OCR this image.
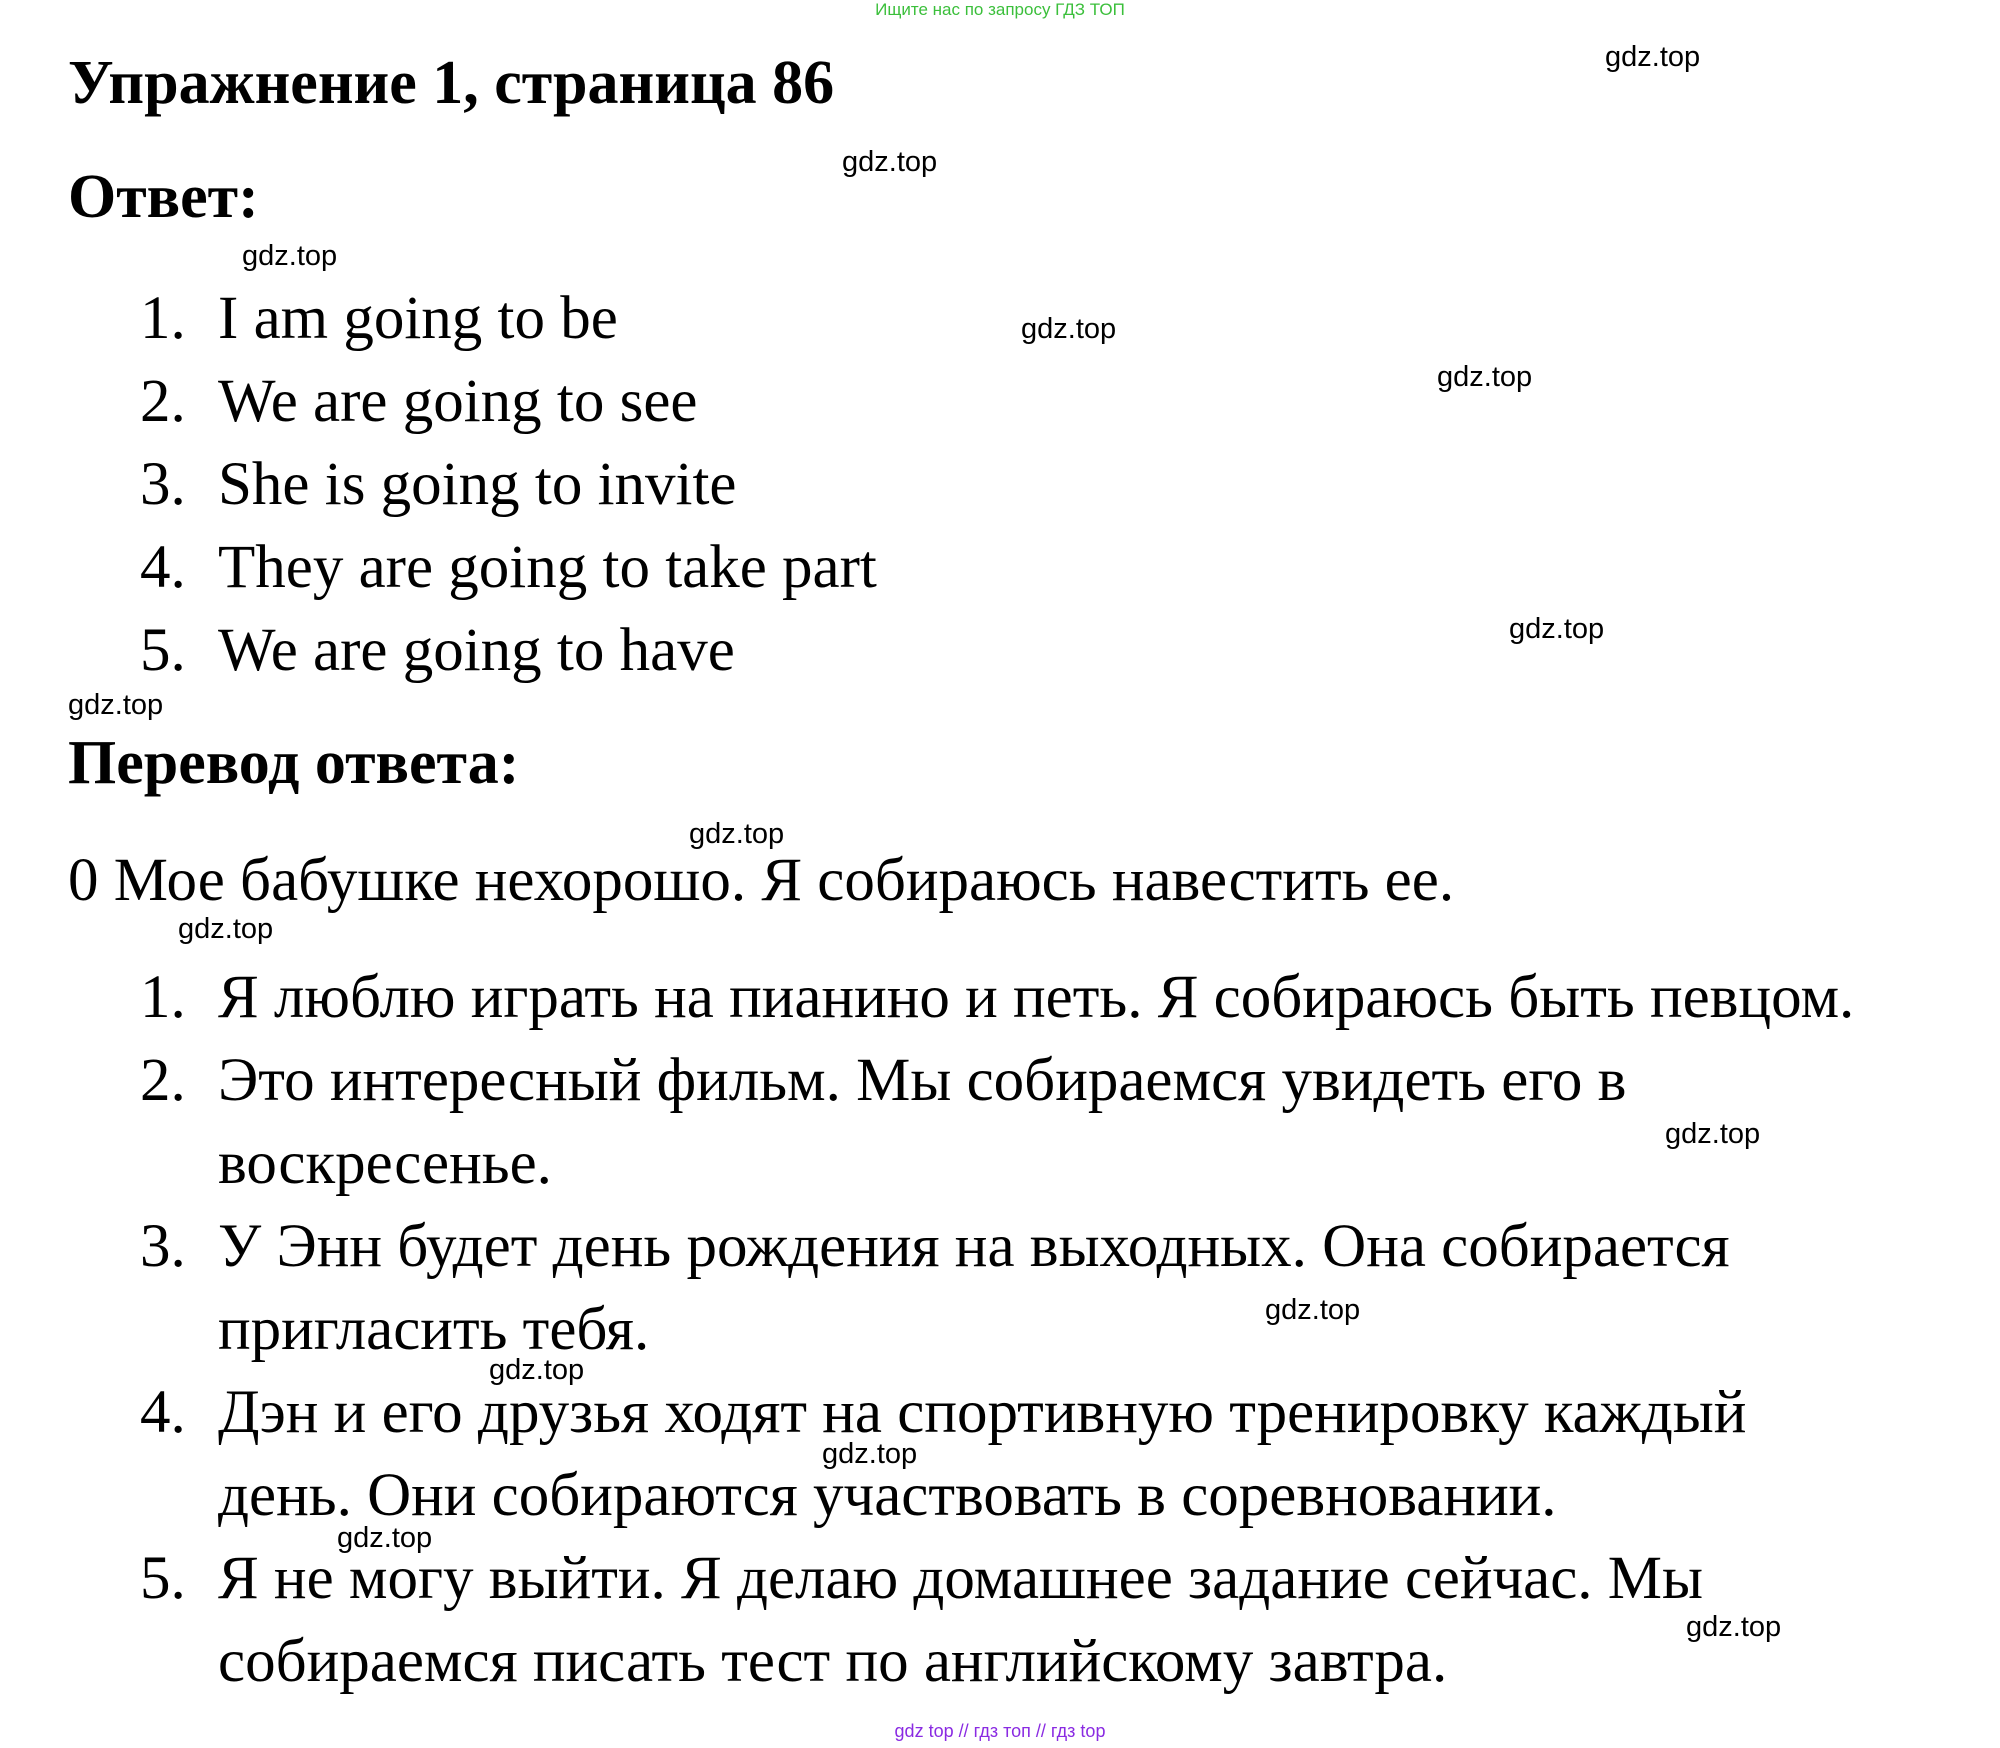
Ищите нас по запросу ГДЗ ТОП
Упражнение 1, страница 86
Ответ:
1. I am going to be
2. We are going to see
3. She is going to invite
4. They are going to take part
5. We are going to have
Перевод ответа:
0 Мое бабушке нехорошо. Я собираюсь навестить ее.
1. Я люблю играть на пианино и петь. Я собираюсь быть певцом.
2. Это интересный фильм. Мы собираемся увидеть его в
воскресенье.
3. У Энн будет день рождения на выходных. Она собирается
пригласить тебя.
4. Дэн и его друзья ходят на спортивную тренировку каждый
день. Они собираются участвовать в соревновании.
5. Я не могу выйти. Я делаю домашнее задание сейчас. Мы
собираемся писать тест по английскому завтра.
gdz.top
gdz.top
gdz.top
gdz.top
gdz.top
gdz.top
gdz.top
gdz.top
gdz.top
gdz.top
gdz.top
gdz.top
gdz.top
gdz.top
gdz.top
gdz top // гдз топ // гдз top
